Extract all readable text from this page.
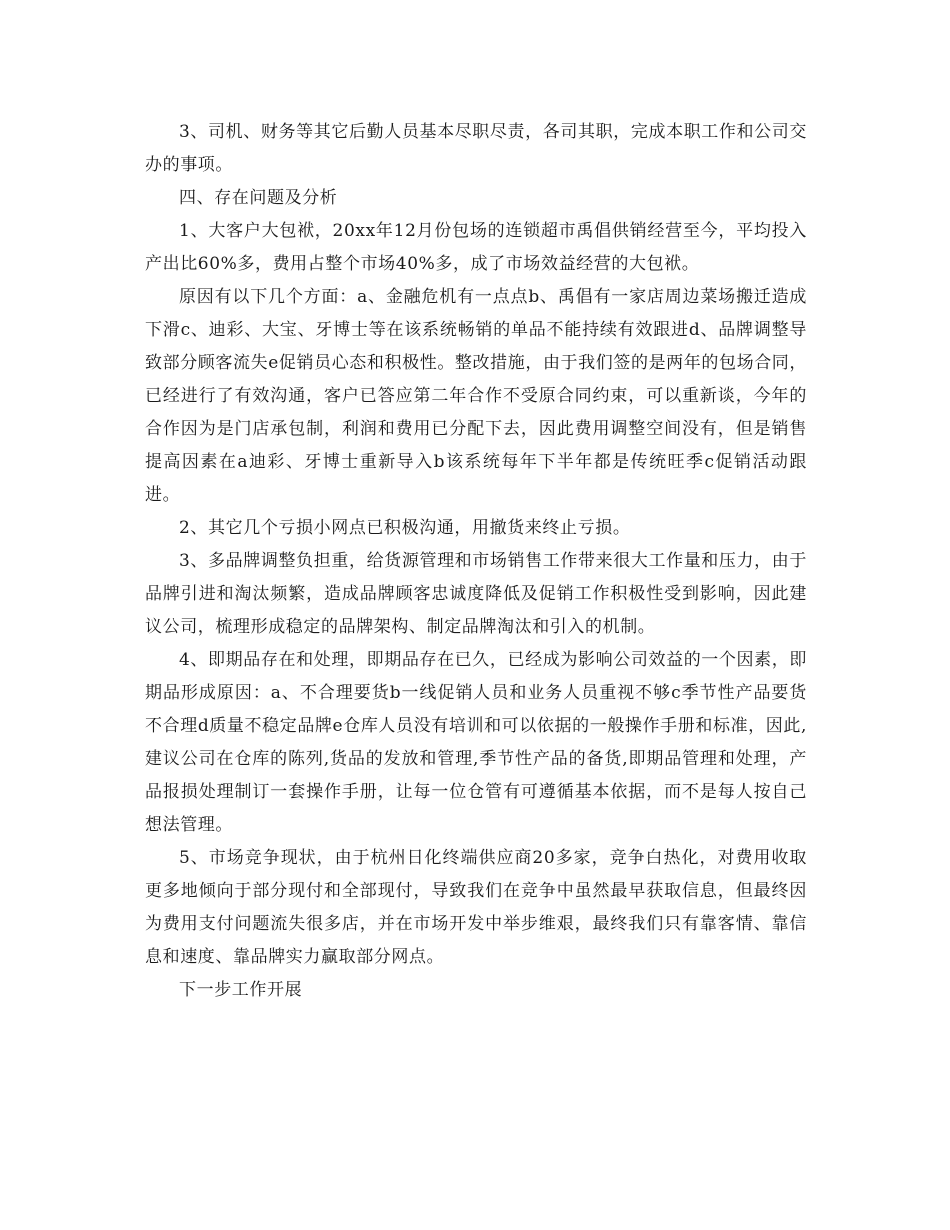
3、司机、财务等其它后勤人员基本尽职尽责，各司其职，完成本职工作和公司交办的事项。

四、存在问题及分析

1、大客户大包袱，20xx年12月份包场的连锁超市禹倡供销经营至今，平均投入产出比60%多，费用占整个市场40%多，成了市场效益经营的大包袱。

原因有以下几个方面：a、金融危机有一点点b、禹倡有一家店周边菜场搬迁造成下滑c、迪彩、大宝、牙博士等在该系统畅销的单品不能持续有效跟进d、品牌调整导致部分顾客流失e促销员心态和积极性。整改措施，由于我们签的是两年的包场合同，已经进行了有效沟通，客户已答应第二年合作不受原合同约束，可以重新谈，今年的合作因为是门店承包制，利润和费用已分配下去，因此费用调整空间没有，但是销售提高因素在a迪彩、牙博士重新导入b该系统每年下半年都是传统旺季c促销活动跟进。

2、其它几个亏损小网点已积极沟通，用撤货来终止亏损。

3、多品牌调整负担重，给货源管理和市场销售工作带来很大工作量和压力，由于品牌引进和淘汰频繁，造成品牌顾客忠诚度降低及促销工作积极性受到影响，因此建议公司，梳理形成稳定的品牌架构、制定品牌淘汰和引入的机制。

4、即期品存在和处理，即期品存在已久，已经成为影响公司效益的一个因素，即期品形成原因：a、不合理要货b一线促销人员和业务人员重视不够c季节性产品要货不合理d质量不稳定品牌e仓库人员没有培训和可以依据的一般操作手册和标准，因此,建议公司在仓库的陈列,货品的发放和管理,季节性产品的备货,即期品管理和处理，产品报损处理制订一套操作手册，让每一位仓管有可遵循基本依据，而不是每人按自己想法管理。

5、市场竞争现状，由于杭州日化终端供应商20多家，竞争白热化，对费用收取更多地倾向于部分现付和全部现付，导致我们在竞争中虽然最早获取信息，但最终因为费用支付问题流失很多店，并在市场开发中举步维艰，最终我们只有靠客情、靠信息和速度、靠品牌实力赢取部分网点。

下一步工作开展
